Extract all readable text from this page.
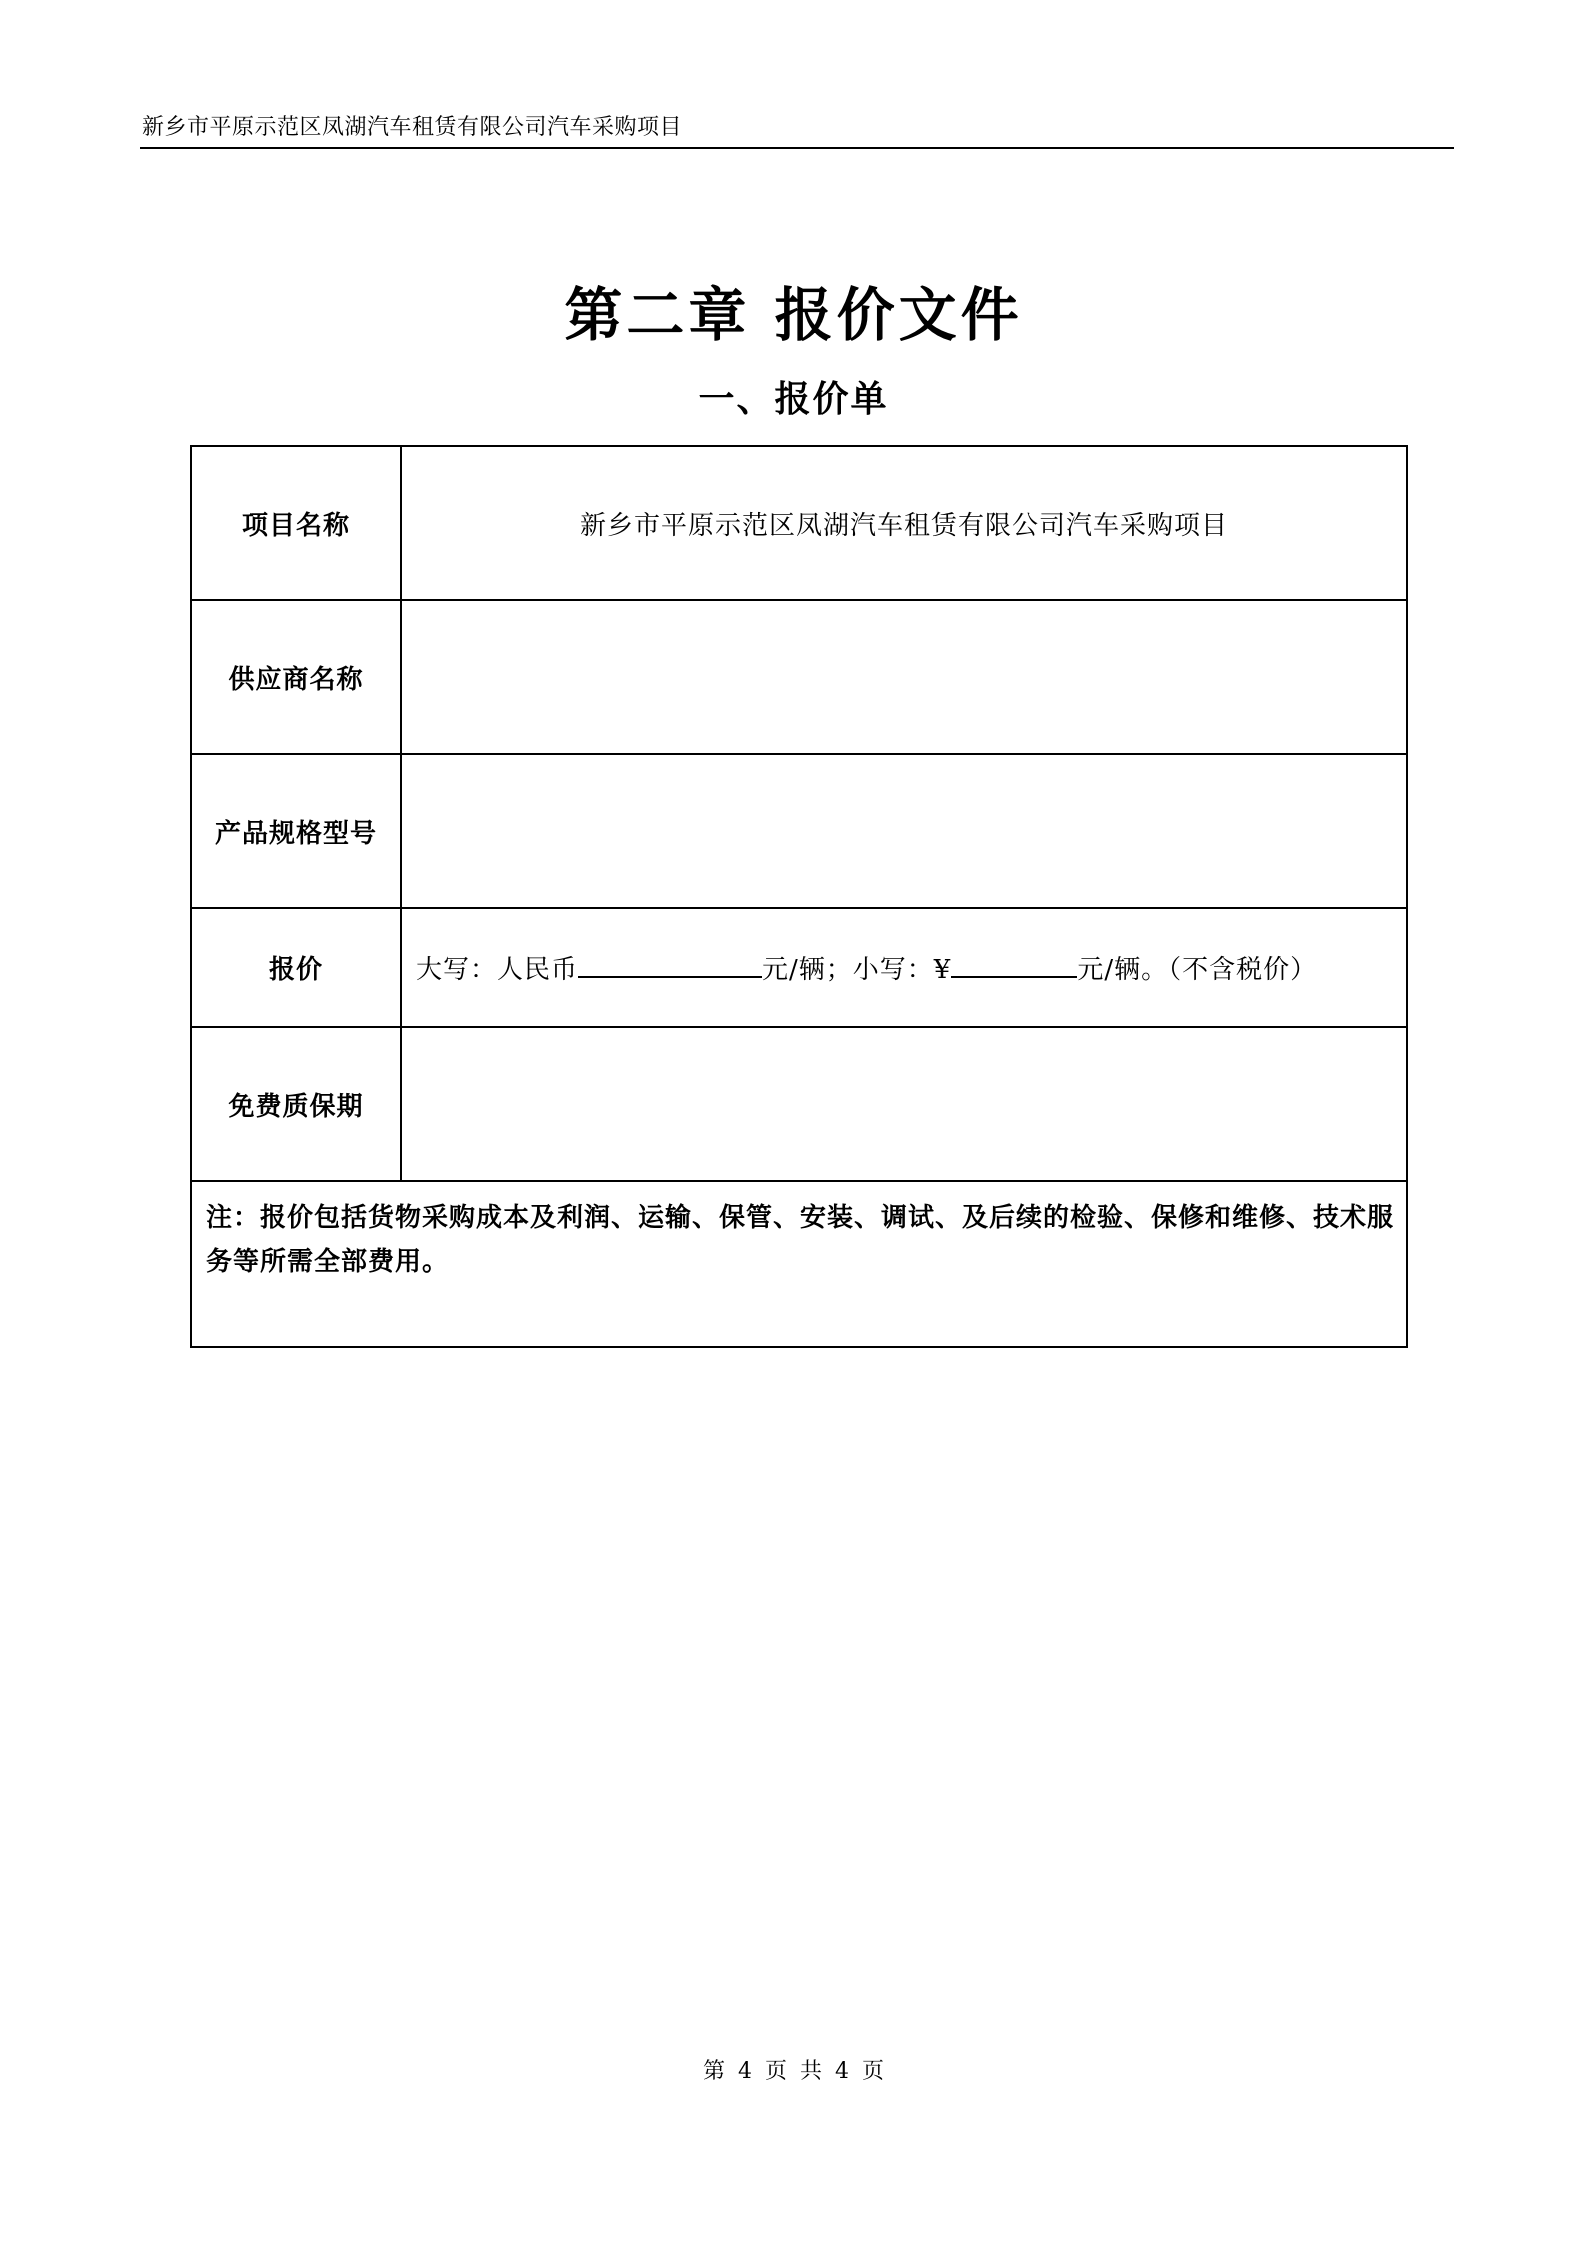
新乡市平原示范区凤湖汽车租赁有限公司汽车采购项目
第二章 报价文件
一、报价单
项目名称	新乡市平原示范区凤湖汽车租赁有限公司汽车采购项目
供应商名称	
产品规格型号	
报价	大写：人民币 元/辆；小写：¥ 元/辆。（不含税价）
免费质保期	
注：报价包括货物采购成本及利润、运输、保管、安装、调试、及后续的检验、保修和维修、技术服务等所需全部费用。	
第 4 页 共 4 页
